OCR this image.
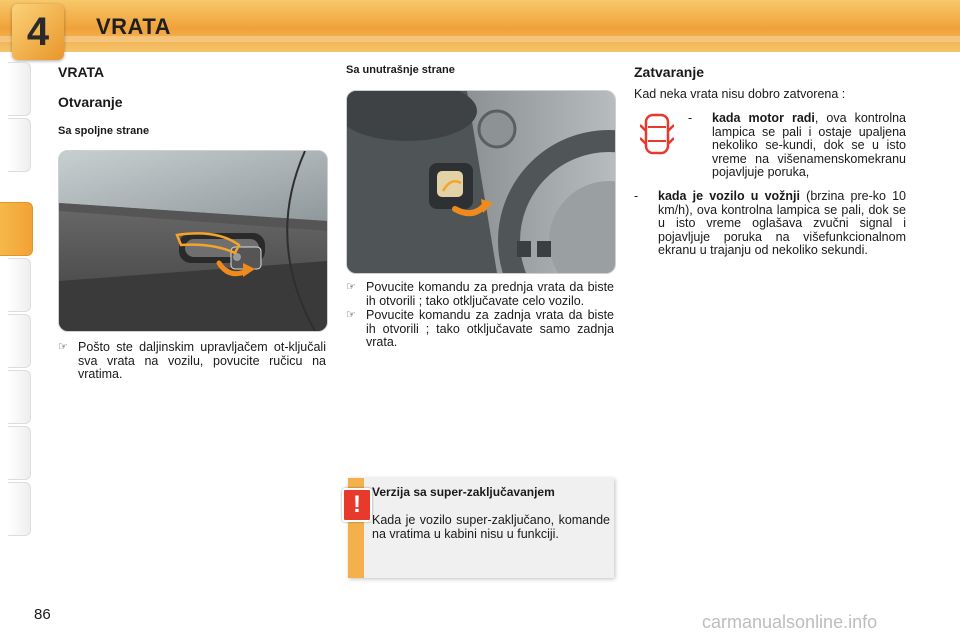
4	VRATA
VRATA
Otvaranje
Sa spoljne strane
☞ Pošto ste daljinskim upravljačem ot-ključali sva vrata na vozilu, povucite ručicu na vratima.
Sa unutrašnje strane
☞ Povucite komandu za prednja vrata da biste ih otvorili ; tako otključavate celo vozilo.
☞ Povucite komandu za zadnja vrata da biste ih otvorili ; tako otključavate samo zadnja vrata.
! Verzija sa super-zaključavanjem
Kada je vozilo super-zaključano, komande na vratima u kabini nisu u funkciji.
Zatvaranje
Kad neka vrata nisu dobro zatvorena :
-	kada motor radi, ova kontrolna lampica se pali i ostaje upaljena nekoliko se-kundi, dok se u isto vreme na višenamenskomekranu pojavljuje poruka,
-	kada je vozilo u vožnji (brzina pre-ko 10 km/h), ova kontrolna lampica se pali, dok se u isto vreme oglašava zvučni signal i pojavljuje poruka na višefunkcionalnom ekranu u trajanju od nekoliko sekundi.
86	carmanualsonline.info
